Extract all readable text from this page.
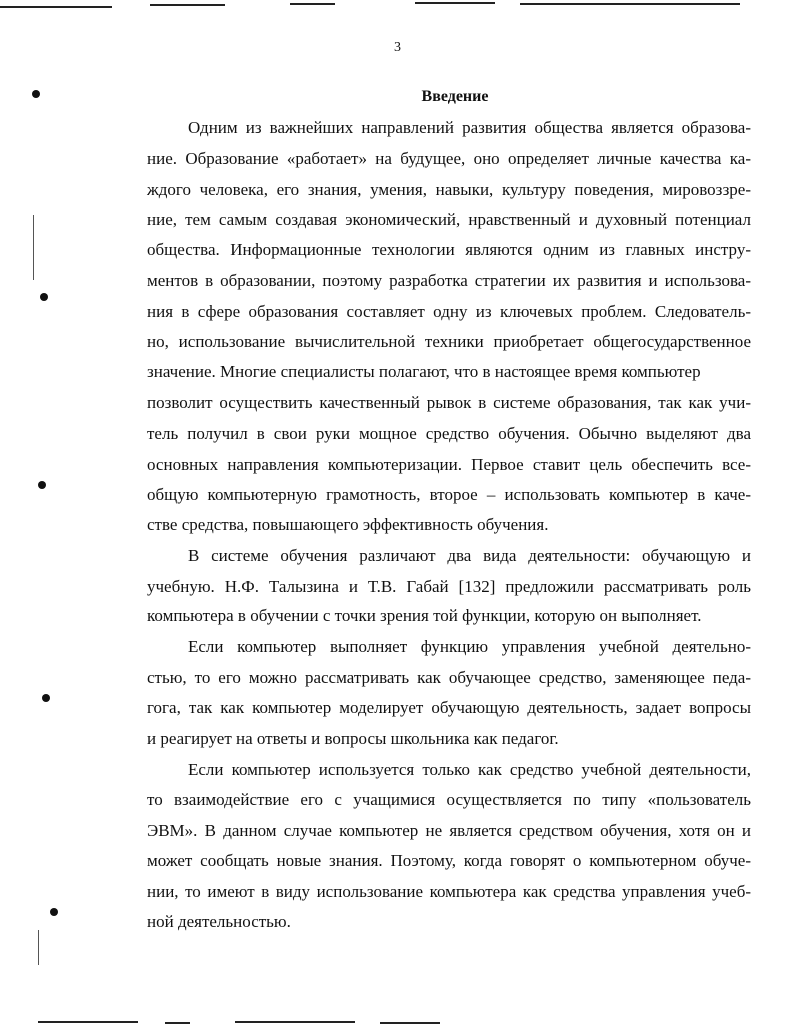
3
Введение
Одним из важнейших направлений развития общества является образова-
ние. Образование «работает» на будущее, оно определяет личные качества ка-
ждого человека, его знания, умения, навыки, культуру поведения, мировоззре-
ние, тем самым создавая экономический, нравственный и духовный потенциал
общества. Информационные технологии являются одним из главных инстру-
ментов в образовании, поэтому разработка стратегии их развития и использова-
ния в сфере образования составляет одну из ключевых проблем. Следователь-
но, использование вычислительной техники приобретает общегосударственное
значение. Многие специалисты полагают, что в настоящее время компьютер
позволит осуществить качественный рывок в системе образования, так как учи-
тель получил в свои руки мощное средство обучения. Обычно выделяют два
основных направления компьютеризации. Первое ставит цель обеспечить все-
общую компьютерную грамотность, второе – использовать компьютер в каче-
стве средства, повышающего эффективность обучения.
В системе обучения различают два вида деятельности: обучающую и
учебную. Н.Ф. Талызина и Т.В. Габай [132] предложили рассматривать роль
компьютера в обучении с точки зрения той функции, которую он выполняет.
Если компьютер выполняет функцию управления учебной деятельно-
стью, то его можно рассматривать как обучающее средство, заменяющее педа-
гога, так как компьютер моделирует обучающую деятельность, задает вопросы
и реагирует на ответы и вопросы школьника как педагог.
Если компьютер используется только как средство учебной деятельности,
то взаимодействие его с учащимися осуществляется по типу «пользователь
ЭВМ». В данном случае компьютер не является средством обучения, хотя он и
может сообщать новые знания. Поэтому, когда говорят о компьютерном обуче-
нии, то имеют в виду использование компьютера как средства управления учеб-
ной деятельностью.
